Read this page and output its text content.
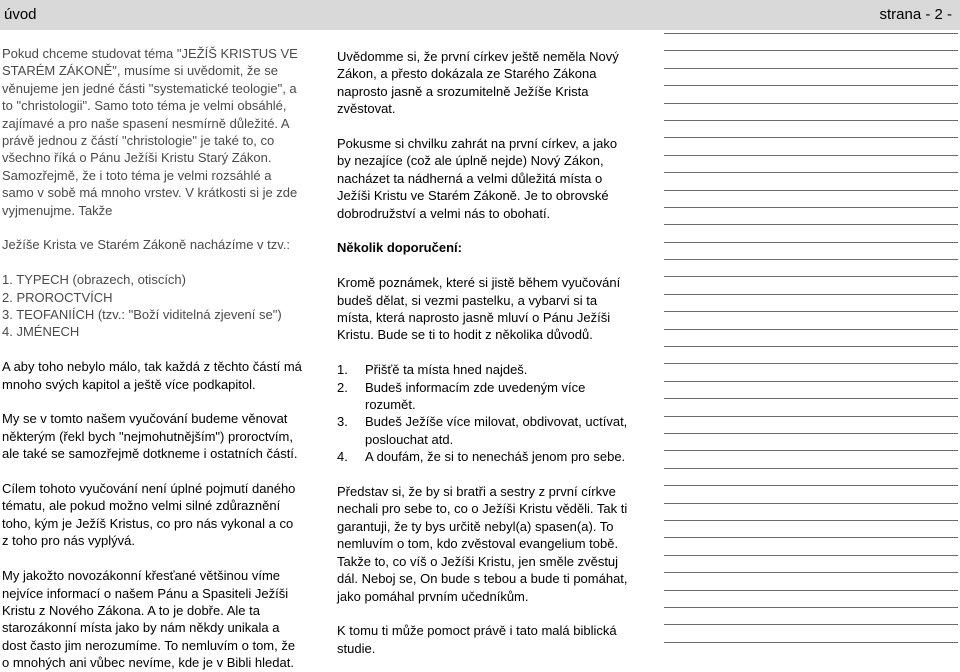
úvod	strana - 2 -

Pokud chceme studovat téma "JEŽÍŠ KRISTUS VE STARÉM ZÁKONĚ", musíme si uvědomit, že se věnujeme jen jedné části "systematické teologie", a to "christologii". Samo toto téma je velmi obsáhlé, zajímavé a pro naše spasení nesmírně důležité. A právě jednou z částí "christologie" je také to, co všechno říká o Pánu Ježíši Kristu Starý Zákon. Samozřejmě, že i toto téma je velmi rozsáhlé a samo v sobě má mnoho vrstev. V krátkosti si je zde vyjmenujme. Takže

Ježíše Krista ve Starém Zákoně nacházíme v tzv.:

1. TYPECH (obrazech, otiscích)
2. PROROCTVÍCH
3. TEOFANIÍCH (tzv.: "Boží viditelná zjevení se")
4. JMÉNECH

A aby toho nebylo málo, tak každá z těchto částí má mnoho svých kapitol a ještě více podkapitol.

My se v tomto našem vyučování budeme věnovat některým (řekl bych "nejmohutnějším") proroctvím, ale také se samozřejmě dotkneme i ostatních částí.

Cílem tohoto vyučování není úplné pojmutí daného tématu, ale pokud možno velmi silné zdůraznění toho, kým je Ježíš Kristus, co pro nás vykonal a co z toho pro nás vyplývá.

My jakožto novozákonní křesťané většinou víme nejvíce informací o našem Pánu a Spasiteli Ježíši Kristu z Nového Zákona. A to je dobře. Ale ta starozákonní místa jako by nám někdy unikala a dost často jim nerozumíme. To nemluvím o tom, že o mnohých ani vůbec nevíme, kde je v Bibli hledat.

Uvědomme si, že první církev ještě neměla Nový Zákon, a přesto dokázala ze Starého Zákona naprosto jasně a srozumitelně Ježíše Krista zvěstovat.

Pokusme si chvilku zahrát na první církev, a jako by nezajíce (což ale úplně nejde) Nový Zákon, nacházet ta nádherná a velmi důležitá místa o Ježíši Kristu ve Starém Zákoně. Je to obrovské dobrodružství a velmi nás to obohatí.

Několik doporučení:

Kromě poznámek, které si jistě během vyučování budeš dělat, si vezmi pastelku, a vybarvi si ta místa, která naprosto jasně mluví o Pánu Ježíši Kristu. Bude se ti to hodit z několika důvodů.

1. Přišťě ta místa hned najdeš.
2. Budeš informacím zde uvedeným více rozumět.
3. Budeš Ježíše více milovat, obdivovat, uctívat, poslouchat atd.
4. A doufám, že si to nenecháš jenom pro sebe.

Představ si, že by si bratři a sestry z první církve nechali pro sebe to, co o Ježíši Kristu věděli. Tak ti garantuji, že ty bys určitě nebyl(a) spasen(a). To nemluvím o tom, kdo zvěstoval evangelium tobě. Takže to, co víš o Ježíši Kristu, jen směle zvěstuj dál. Neboj se, On bude s tebou a bude ti pomáhat, jako pomáhal prvním učedníkům.

K tomu ti může pomoct právě i tato malá biblická studie.
